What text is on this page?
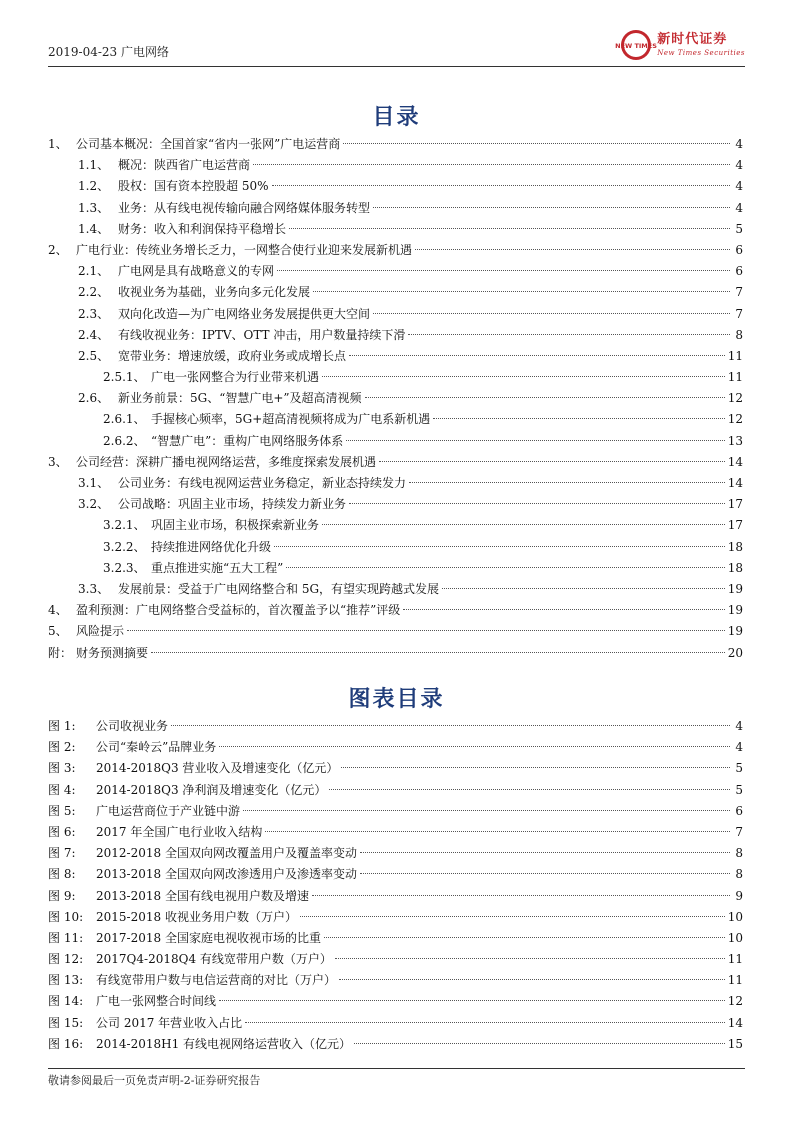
2019-04-23 广电网络	NEW TIMES 新时代证券
New Times Securities
目录
1、 公司基本概况：全国首家“省内一张网”广电运营商	4
1.1、 概况：陕西省广电运营商	4
1.2、 股权：国有资本控股超 50%	4
1.3、 业务：从有线电视传输向融合网络媒体服务转型	4
1.4、 财务：收入和利润保持平稳增长	5
2、 广电行业：传统业务增长乏力，一网整合使行业迎来发展新机遇	6
2.1、 广电网是具有战略意义的专网	6
2.2、 收视业务为基础，业务向多元化发展	7
2.3、 双向化改造—为广电网络业务发展提供更大空间	7
2.4、 有线收视业务：IPTV、OTT 冲击，用户数量持续下滑	8
2.5、 宽带业务：增速放缓，政府业务或成增长点	11
2.5.1、 广电一张网整合为行业带来机遇	11
2.6、 新业务前景：5G、“智慧广电+”及超高清视频	12
2.6.1、 手握核心频率，5G+超高清视频将成为广电系新机遇	12
2.6.2、 “智慧广电”：重构广电网络服务体系	13
3、 公司经营：深耕广播电视网络运营，多维度探索发展机遇	14
3.1、 公司业务：有线电视网运营业务稳定，新业态持续发力	14
3.2、 公司战略：巩固主业市场，持续发力新业务	17
3.2.1、 巩固主业市场，积极探索新业务	17
3.2.2、 持续推进网络优化升级	18
3.2.3、 重点推进实施“五大工程”	18
3.3、 发展前景：受益于广电网络整合和 5G，有望实现跨越式发展	19
4、 盈利预测：广电网络整合受益标的，首次覆盖予以“推荐”评级	19
5、 风险提示	19
附： 财务预测摘要	20
图表目录
图 1:	公司收视业务	4
图 2:	公司“秦岭云”品牌业务	4
图 3:	2014-2018Q3 营业收入及增速变化（亿元）	5
图 4:	2014-2018Q3 净利润及增速变化（亿元）	5
图 5:	广电运营商位于产业链中游	6
图 6:	2017 年全国广电行业收入结构	7
图 7:	2012-2018 全国双向网改覆盖用户及覆盖率变动	8
图 8:	2013-2018 全国双向网改渗透用户及渗透率变动	8
图 9:	2013-2018 全国有线电视用户数及增速	9
图 10:	2015-2018 收视业务用户数（万户）	10
图 11:	2017-2018 全国家庭电视收视市场的比重	10
图 12:	2017Q4-2018Q4 有线宽带用户数（万户）	11
图 13:	有线宽带用户数与电信运营商的对比（万户）	11
图 14:	广电一张网整合时间线	12
图 15:	公司 2017 年营业收入占比	14
图 16:	2014-2018H1 有线电视网络运营收入（亿元）	15
敬请参阅最后一页免责声明-2-证券研究报告
